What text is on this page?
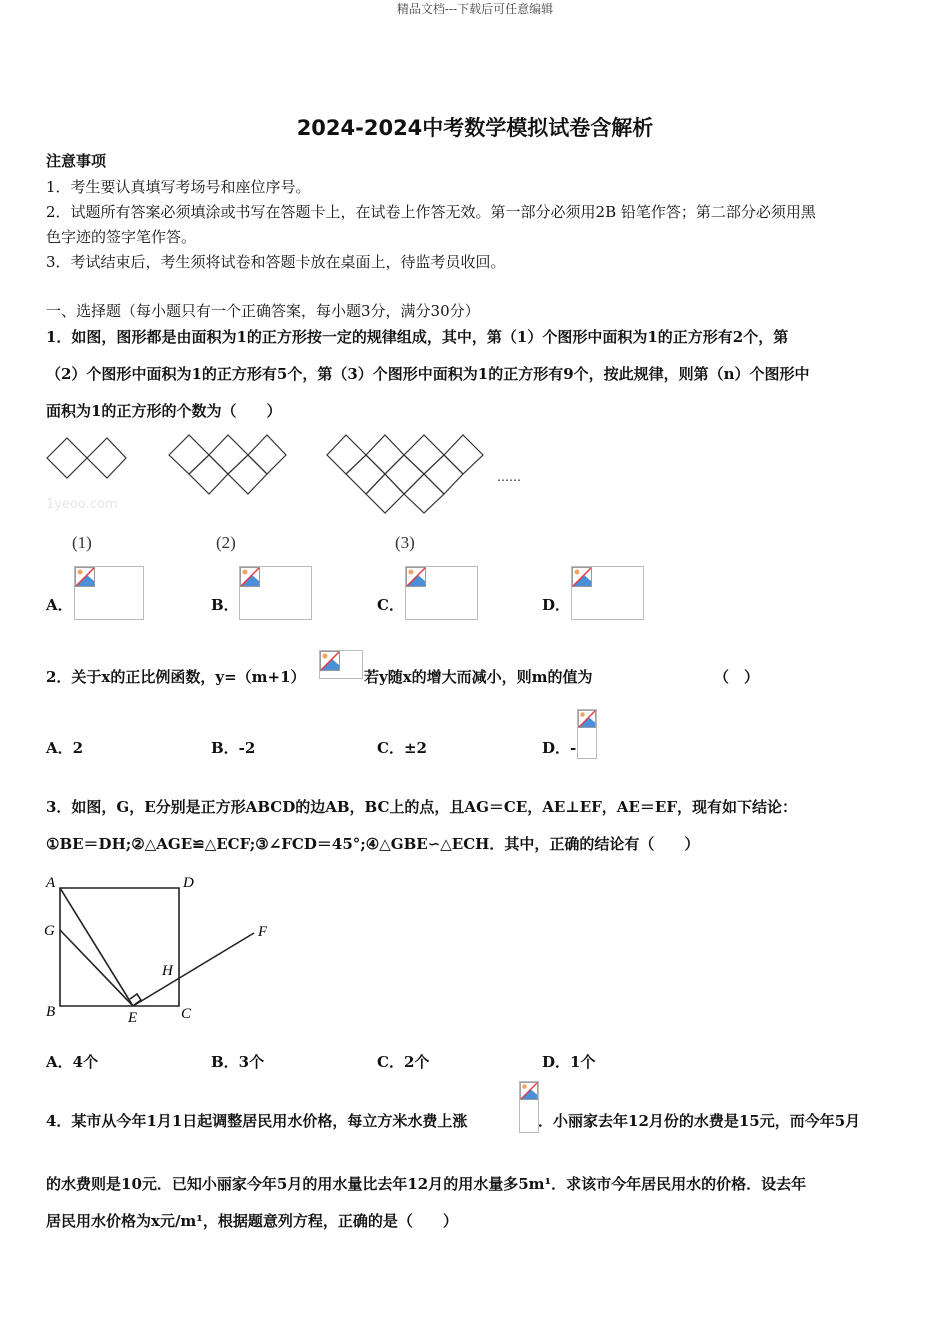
精品文档---下载后可任意编辑
2024-2024中考数学模拟试卷含解析
注意事项
1．考生要认真填写考场号和座位序号。
2．试题所有答案必须填涂或书写在答题卡上，在试卷上作答无效。第一部分必须用2B 铅笔作答；第二部分必须用黑
色字迹的签字笔作答。
3．考试结束后，考生须将试卷和答题卡放在桌面上，待监考员收回。
一、选择题（每小题只有一个正确答案，每小题3分，满分30分）
1．如图，图形都是由面积为1的正方形按一定的规律组成，其中，第（1）个图形中面积为1的正方形有2个，第
（2）个图形中面积为1的正方形有5个，第（3）个图形中面积为1的正方形有9个，按此规律，则第（n）个图形中
面积为1的正方形的个数为（　　）
1yeoo.com
……
(1)	(2)	(3)
A．	B．	C．	D．
2．关于x的正比例函数，y=（m+1）	若y随x的增大而减小，则m的值为	（　）
A．2	B．-2	C．±2	D．-
3．如图，G，E分别是正方形ABCD的边AB，BC上的点，且AG＝CE，AE⊥EF，AE＝EF，现有如下结论：
①BE＝DH;②△AGE≌△ECF;③∠FCD＝45°;④△GBE∽△ECH．其中，正确的结论有（　　）
A	D
G	F
H
B	E	C
A．4个	B．3个	C．2个	D．1个
4．某市从今年1月1日起调整居民用水价格，每立方米水费上涨	．小丽家去年12月份的水费是15元，而今年5月
的水费则是10元．已知小丽家今年5月的用水量比去年12月的用水量多5m¹．求该市今年居民用水的价格．设去年
居民用水价格为x元/m¹，根据题意列方程，正确的是（　　）
